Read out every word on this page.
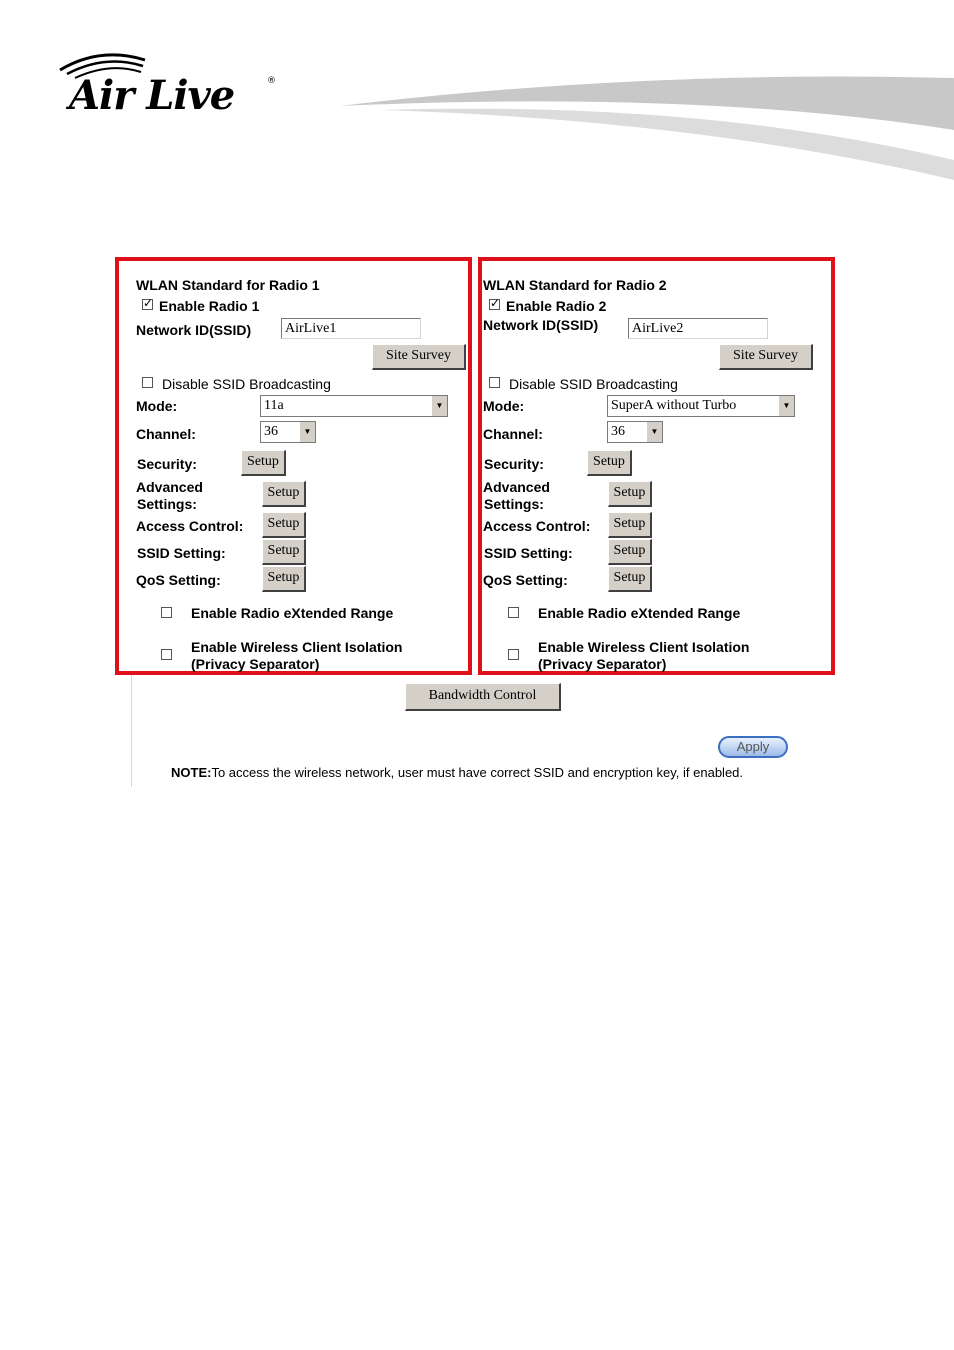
Air Live	®
WLAN Standard for Radio 1
✓
Enable Radio 1
Network ID(SSID) AirLive1
Site Survey
Disable SSID Broadcasting
Mode:	11a	▼
Channel:	36	▼
Security:	Setup
Advanced
Settings:
Setup
Access Control:	Setup
SSID Setting:	Setup
QoS Setting:	Setup
Enable Radio eXtended Range
Enable Wireless Client Isolation
(Privacy Separator)
WLAN Standard for Radio 2
✓
Enable Radio 2
Network ID(SSID) AirLive2
Site Survey
Disable SSID Broadcasting
Mode:	SuperA without Turbo	▼
Channel:	36	▼
Security:	Setup
Advanced
Settings:
Setup
Access Control:	Setup
SSID Setting:	Setup
QoS Setting:	Setup
Enable Radio eXtended Range
Enable Wireless Client Isolation
(Privacy Separator)
Bandwidth Control
Apply
NOTE:To access the wireless network, user must have correct SSID and encryption key, if enabled.
